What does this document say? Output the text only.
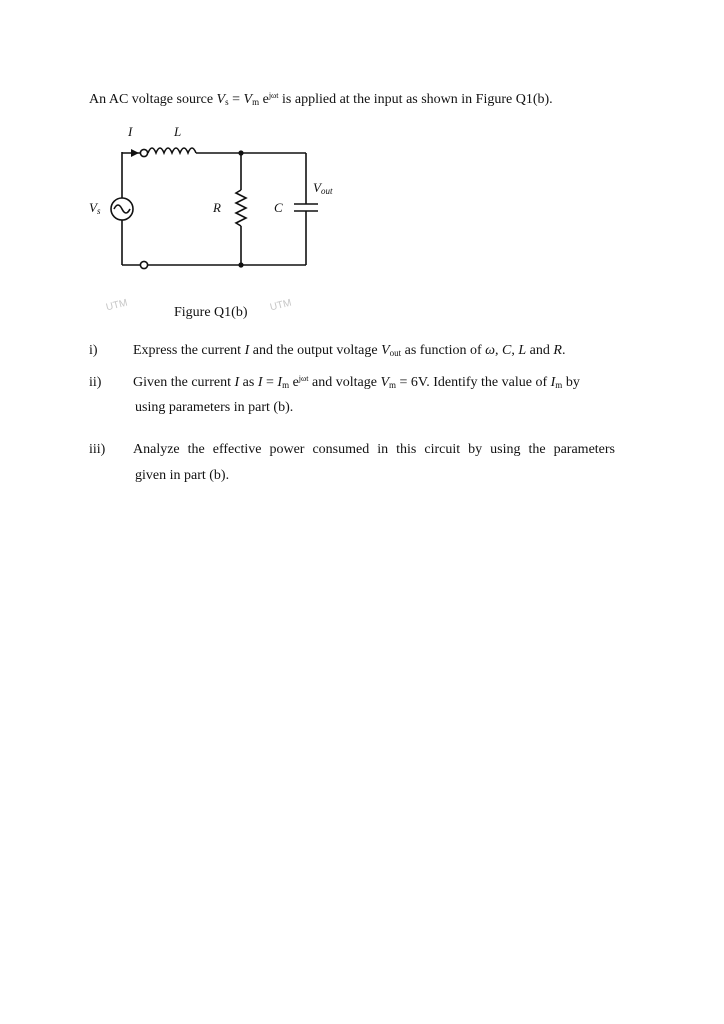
An AC voltage source $V_s = V_m$ $e^{j\omega t}$ is applied at the input as shown in Figure Q1(b).
I	L
$V_s$	R	C
$V_{out}$
UTM	UTM
Figure Q1(b)
i)	Express the current I and the output voltage $V_{out}$ as function of ω, C, L and R.
ii) Given the current I as $I = I_m$ $e^{j\omega t}$ and voltage $V_m = 6V$. Identify the value of $I_m$ by
using parameters in part (b).
iii) Analyze the effective power consumed in this circuit by using the parameters
given in part (b).
